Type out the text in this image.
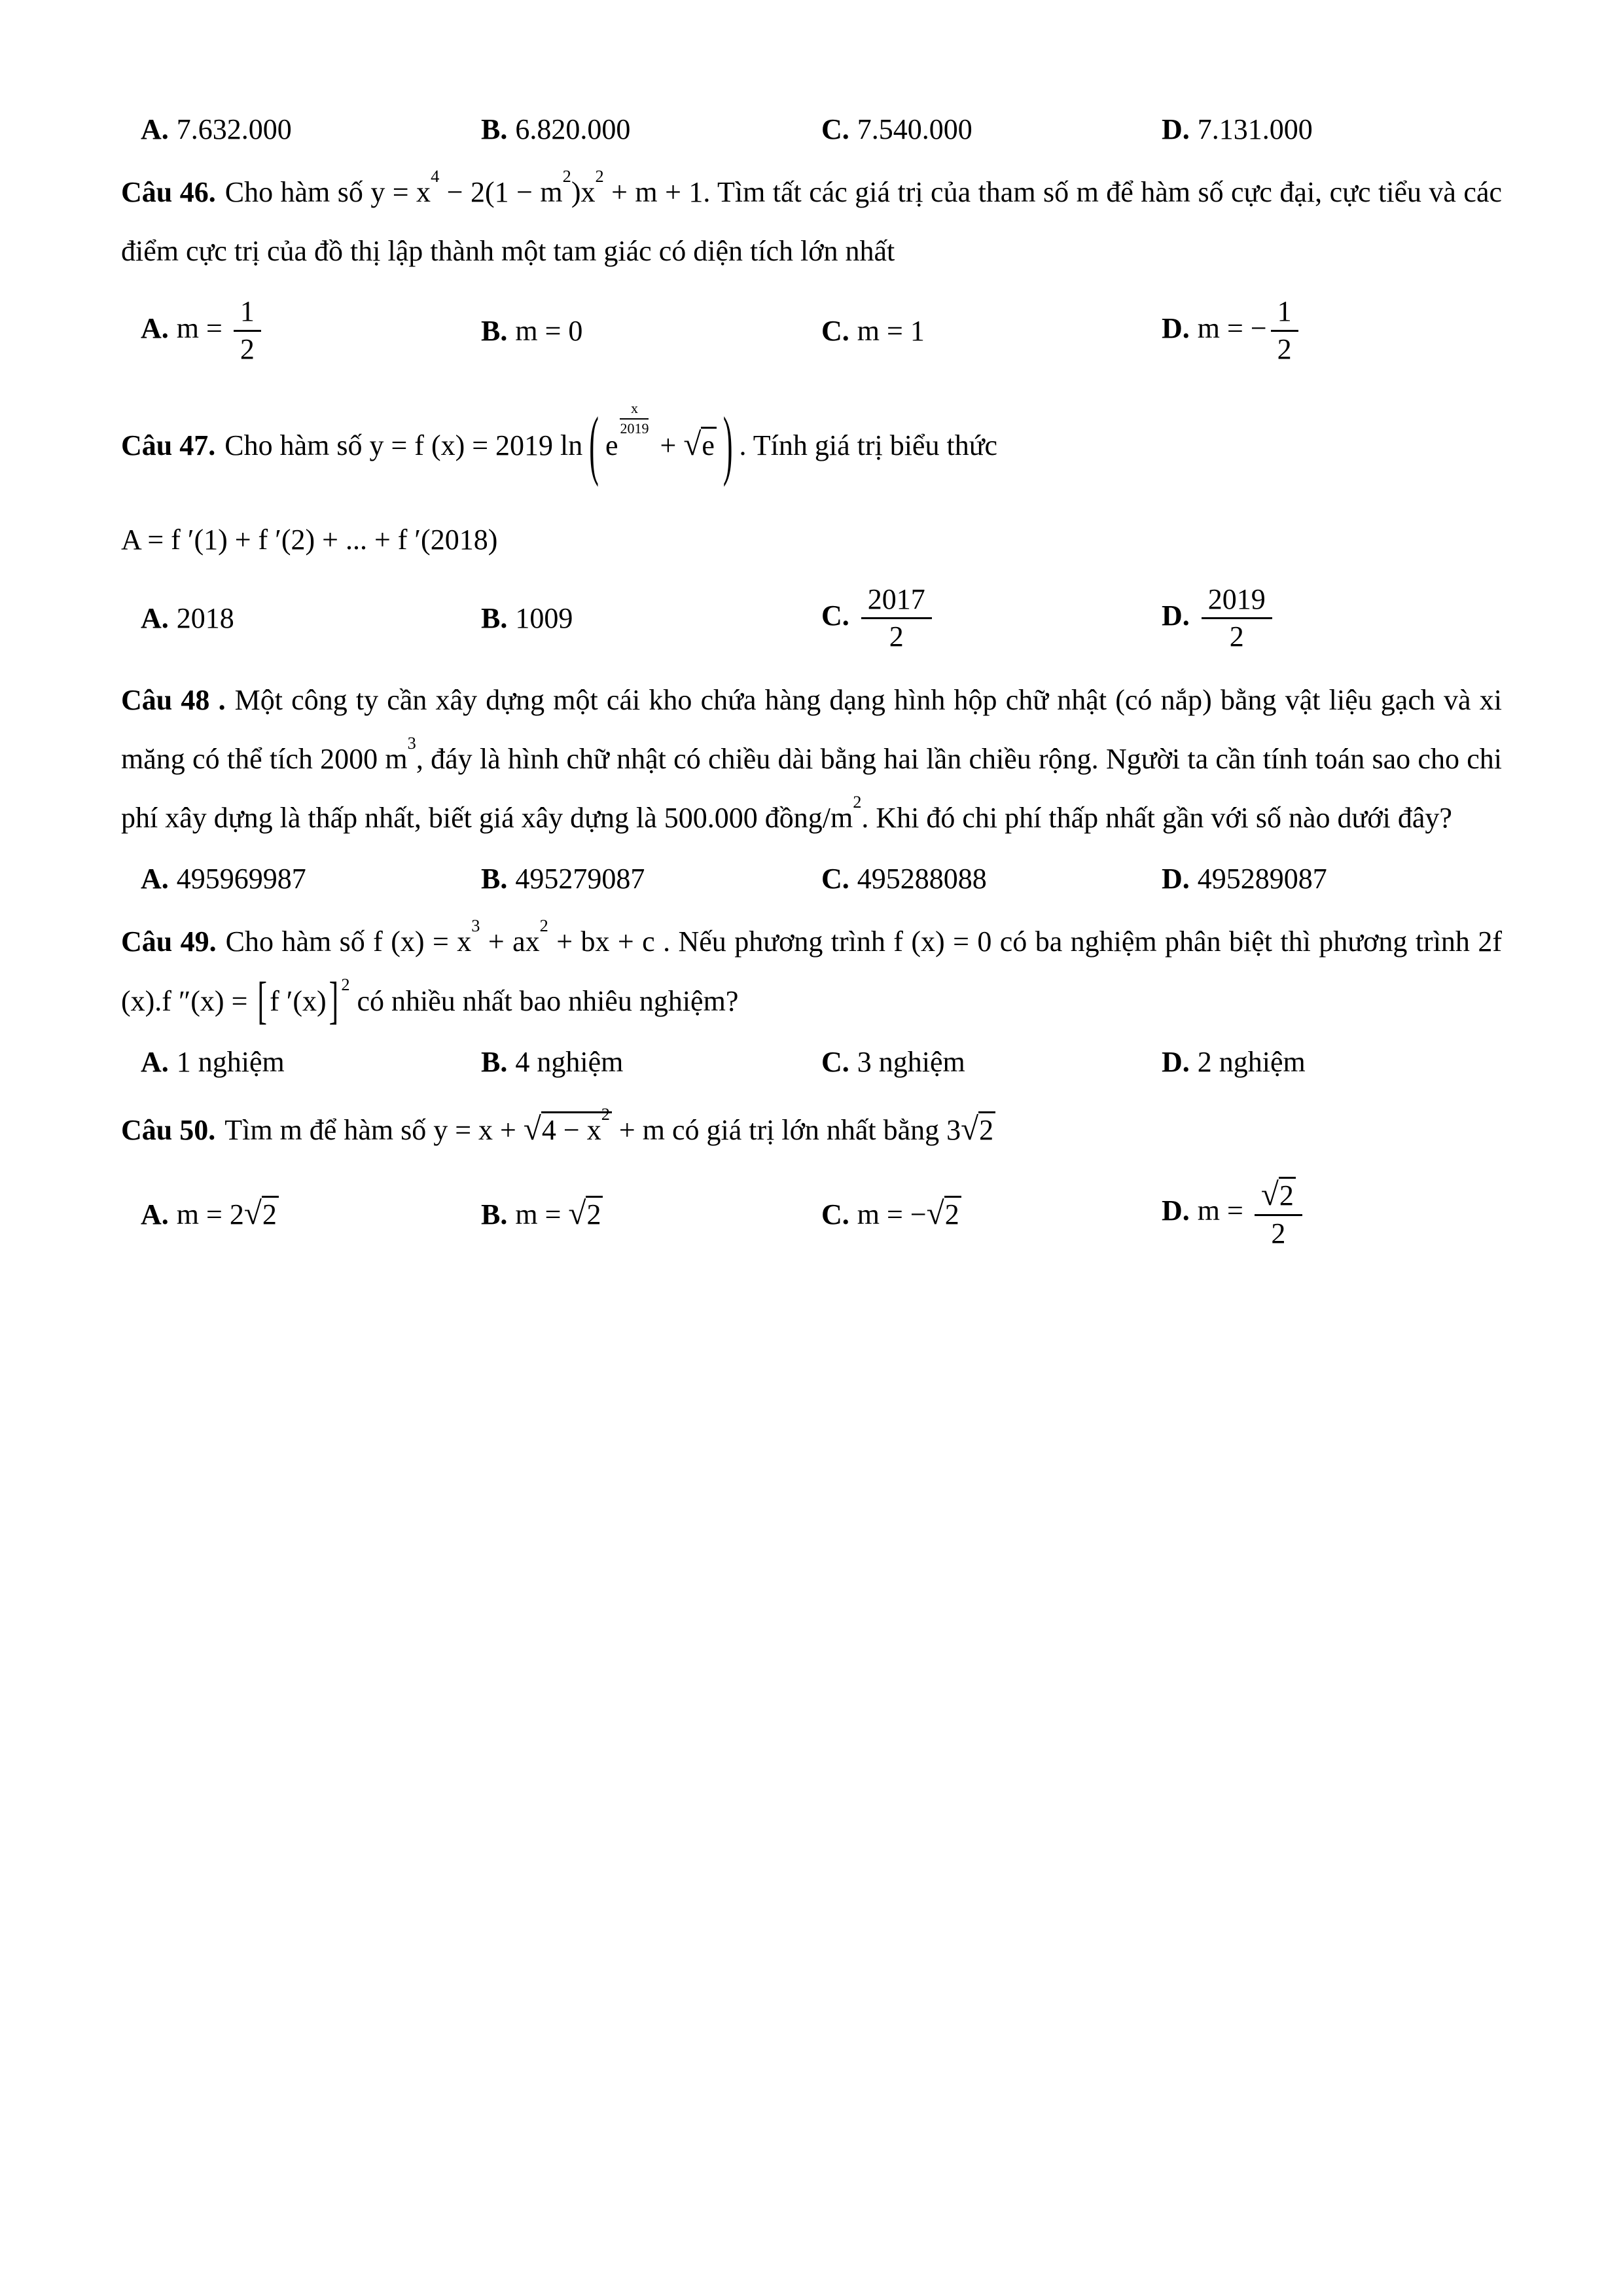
A. 7.632.000	B. 6.820.000	C. 7.540.000	D. 7.131.000

Câu 46. Cho hàm số $y = x^4 - 2(1 - m^2)x^2 + m + 1$. Tìm tất các giá trị của tham số m để hàm số cực đại, cực tiểu và các điểm cực trị của đồ thị lập thành một tam giác có diện tích lớn nhất

A. $m = \frac{1}{2}$	B. m = 0	C. m = 1	D. m = − $\frac{1}{2}$

Câu 47. Cho hàm số y = f (x) = 2019 ln ( e
$\frac{x}{2019}$
+ √ e ) . Tính giá trị biểu thức

A = f ′(1) + f ′(2) + ... + f ′(2018)

A. 2018	B. 1009	C. $\frac{2017}{2}$	D. $\frac{2019}{2}$

Câu 48 . Một công ty cần xây dựng một cái kho chứa hàng dạng hình hộp chữ nhật (có nắp) bằng vật liệu gạch và xi măng có thể tích 2000 $m^3$, đáy là hình chữ nhật có chiều dài bằng hai lần chiều rộng. Người ta cần tính toán sao cho chi phí xây dựng là thấp nhất, biết giá xây dựng là 500.000 đồng/$m^2$. Khi đó chi phí thấp nhất gần với số nào dưới đây?

A. 495969987	B. 495279087	C. 495288088	D. 495289087

Câu 49. Cho hàm số f $(x) = x^3 + ax^2$ + bx + c . Nếu phương trình f (x) = 0 có ba nghiệm phân biệt thì phương trình 2f (x).f ″(x) = [f ′(x)] $^2$ có nhiều nhất bao nhiêu nghiệm?

A. 1 nghiệm	B. 4 nghiệm	C. 3 nghiệm	D. 2 nghiệm

Câu 50. Tìm m để hàm số y = x + √ $4 - x^2 + m$ có giá trị lớn nhất bằng 3 √ 2

A. m = 2 √ 2	B. m = √ 2	C. m = − √ 2	D. m = √ $\frac{2}{2}$
